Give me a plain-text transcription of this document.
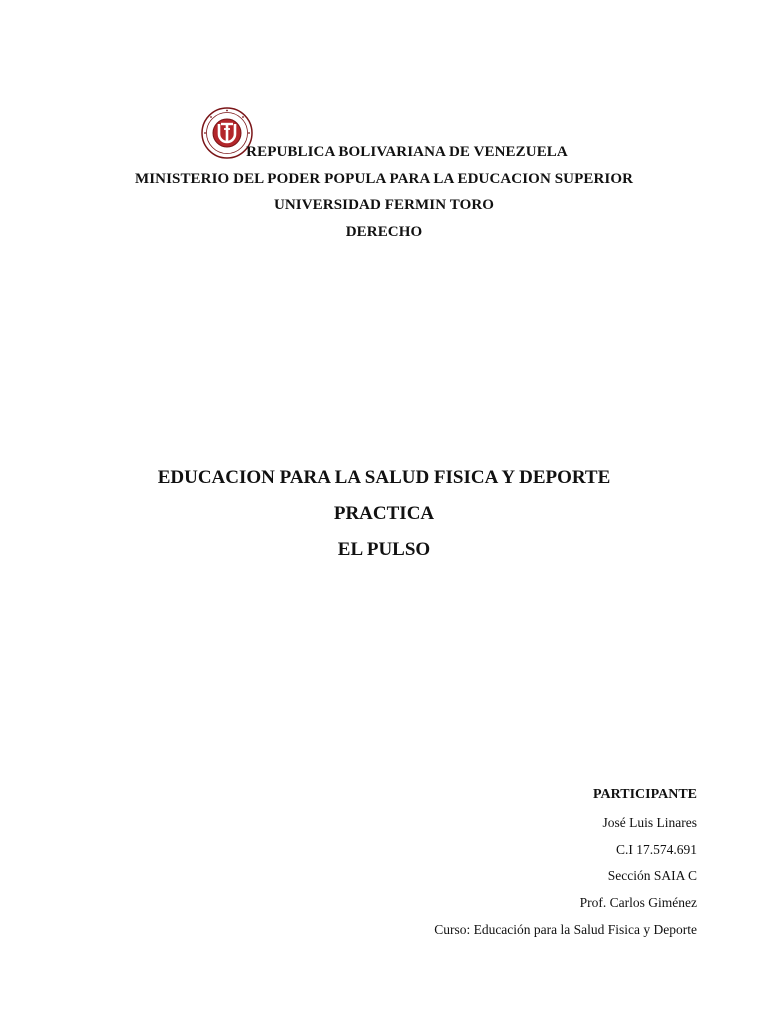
REPUBLICA BOLIVARIANA DE VENEZUELA
MINISTERIO DEL PODER POPULA PARA LA EDUCACION SUPERIOR
UNIVERSIDAD FERMIN TORO
DERECHO
EDUCACION PARA LA SALUD FISICA Y DEPORTE
PRACTICA
EL PULSO
PARTICIPANTE
José Luis Linares
C.I 17.574.691
Sección SAIA C
Prof. Carlos Giménez
Curso: Educación para la Salud Fisica y Deporte
